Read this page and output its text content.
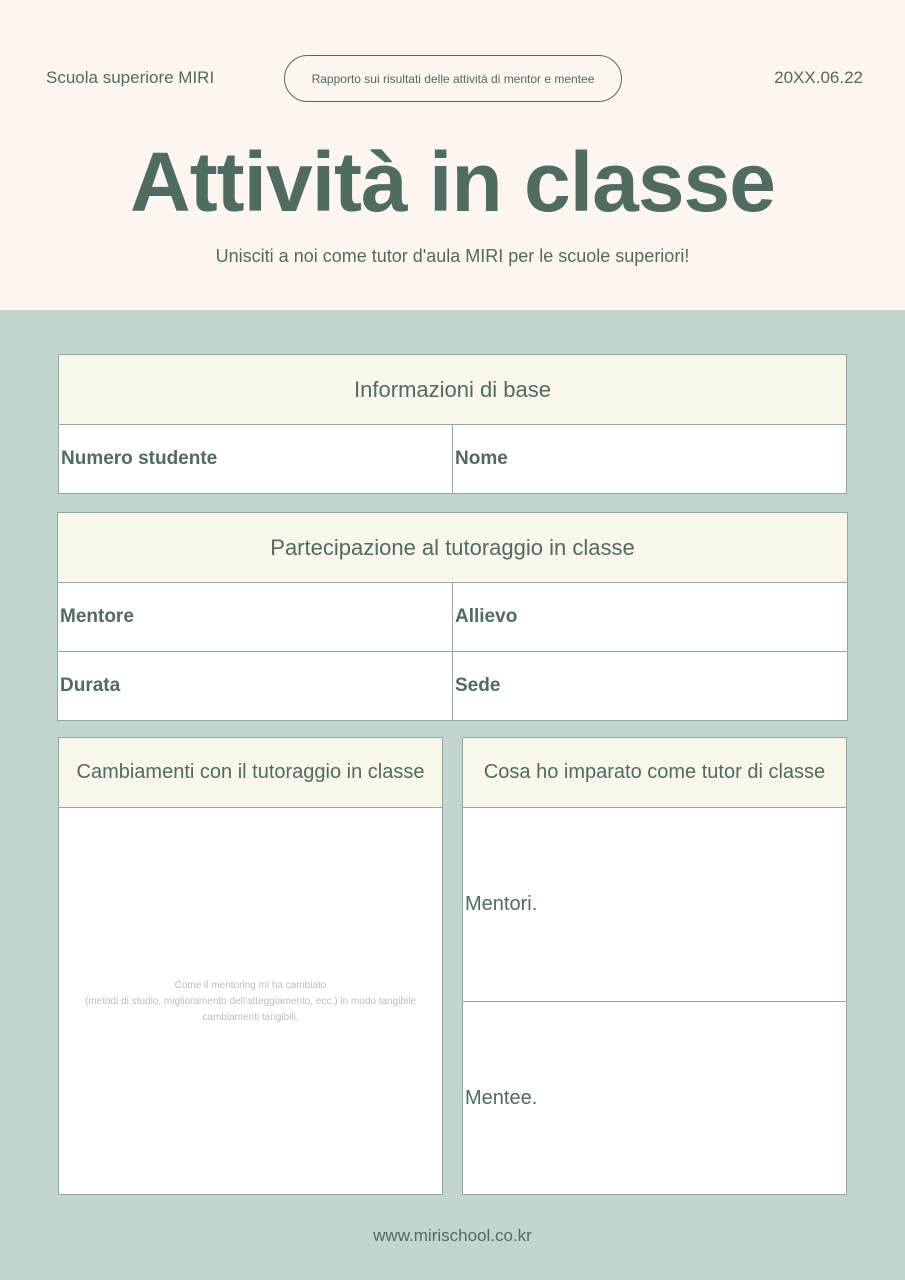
Scuola superiore MIRI	Rapporto sui risultati delle attività di mentor e mentee	20XX.06.22
Attività in classe
Unisciti a noi come tutor d'aula MIRI per le scuole superiori!
Informazioni di base
Numero studente	Nome
Partecipazione al tutoraggio in classe
Mentore	Allievo
Durata	Sede
Cambiamenti con il tutoraggio in classe
Come il mentoring mi ha cambiato
(metodi di studio, miglioramento dell'atteggiamento, ecc.) in modo tangibile
cambiamenti tangibili.
Cosa ho imparato come tutor di classe
Mentori.
Mentee.
www.mirischool.co.kr
